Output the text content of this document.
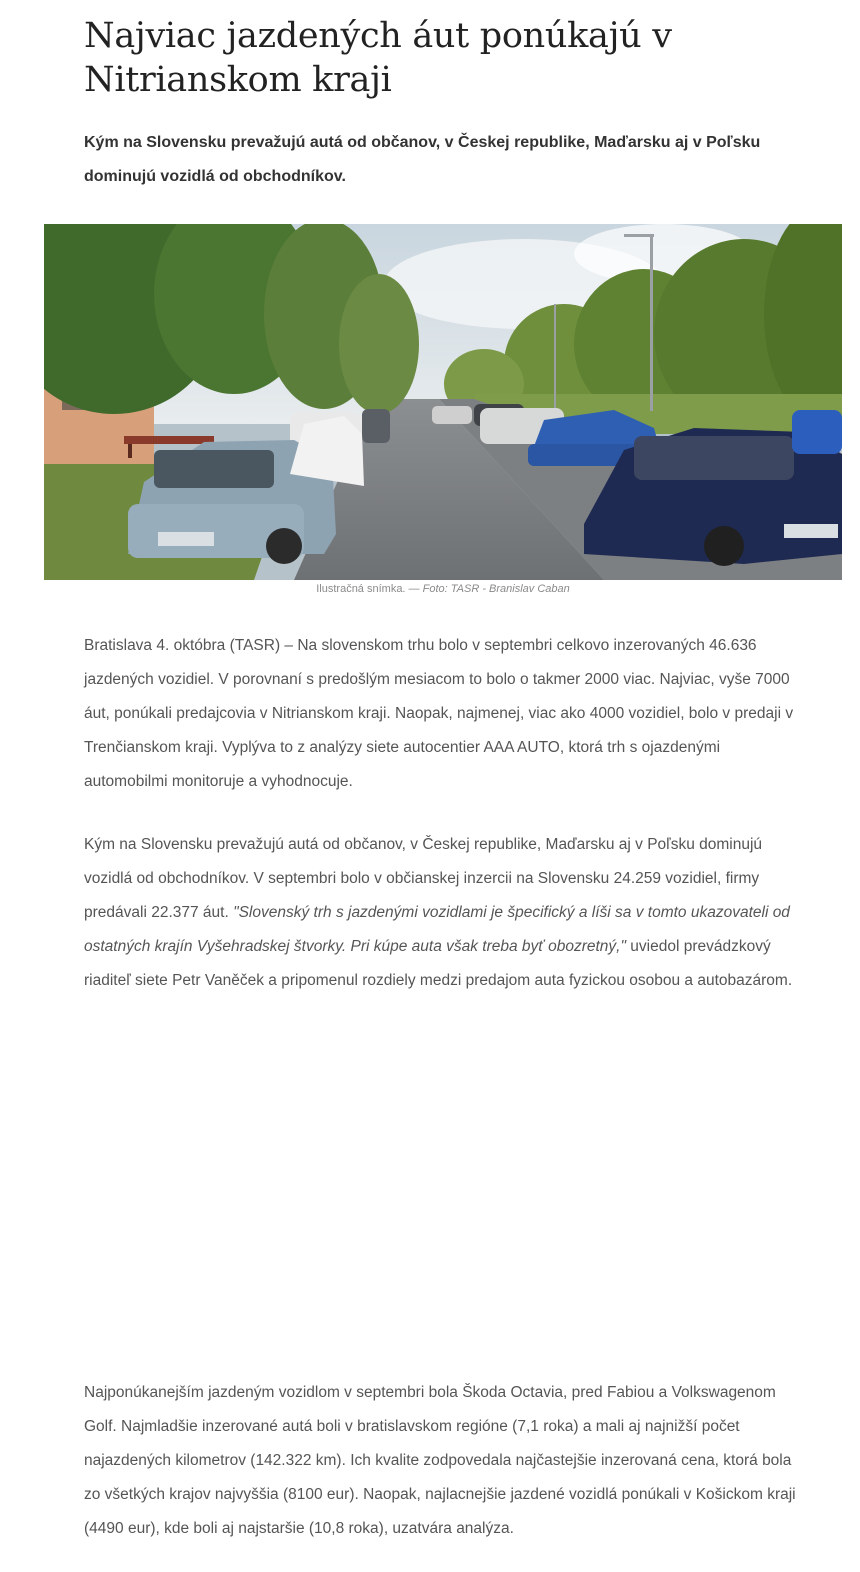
Najviac jazdených áut ponúkajú v Nitrianskom kraji

Kým na Slovensku prevažujú autá od občanov, v Českej republike, Maďarsku aj v Poľsku dominujú vozidlá od obchodníkov.

Ilustračná snímka. — Foto: TASR - Branislav Caban

Bratislava 4. októbra (TASR) – Na slovenskom trhu bolo v septembri celkovo inzerovaných 46.636 jazdených vozidiel. V porovnaní s predošlým mesiacom to bolo o takmer 2000 viac. Najviac, vyše 7000 áut, ponúkali predajcovia v Nitrianskom kraji. Naopak, najmenej, viac ako 4000 vozidiel, bolo v predaji v Trenčianskom kraji. Vyplýva to z analýzy siete autocentier AAA AUTO, ktorá trh s ojazdenými automobilmi monitoruje a vyhodnocuje.

Kým na Slovensku prevažujú autá od občanov, v Českej republike, Maďarsku aj v Poľsku dominujú vozidlá od obchodníkov. V septembri bolo v občianskej inzercii na Slovensku 24.259 vozidiel, firmy predávali 22.377 áut. "Slovenský trh s jazdenými vozidlami je špecifický a líši sa v tomto ukazovateli od ostatných krajín Vyšehradskej štvorky. Pri kúpe auta však treba byť obozretný," uviedol prevádzkový riaditeľ siete Petr Vaněček a pripomenul rozdiely medzi predajom auta fyzickou osobou a autobazárom.

Najponúkanejším jazdeným vozidlom v septembri bola Škoda Octavia, pred Fabiou a Volkswagenom Golf. Najmladšie inzerované autá boli v bratislavskom regióne (7,1 roka) a mali aj najnižší počet najazdených kilometrov (142.322 km). Ich kvalite zodpovedala najčastejšie inzerovaná cena, ktorá bola zo všetkých krajov najvyššia (8100 eur). Naopak, najlacnejšie jazdené vozidlá ponúkali v Košickom kraji (4490 eur), kde boli aj najstaršie (10,8 roka), uzatvára analýza.
